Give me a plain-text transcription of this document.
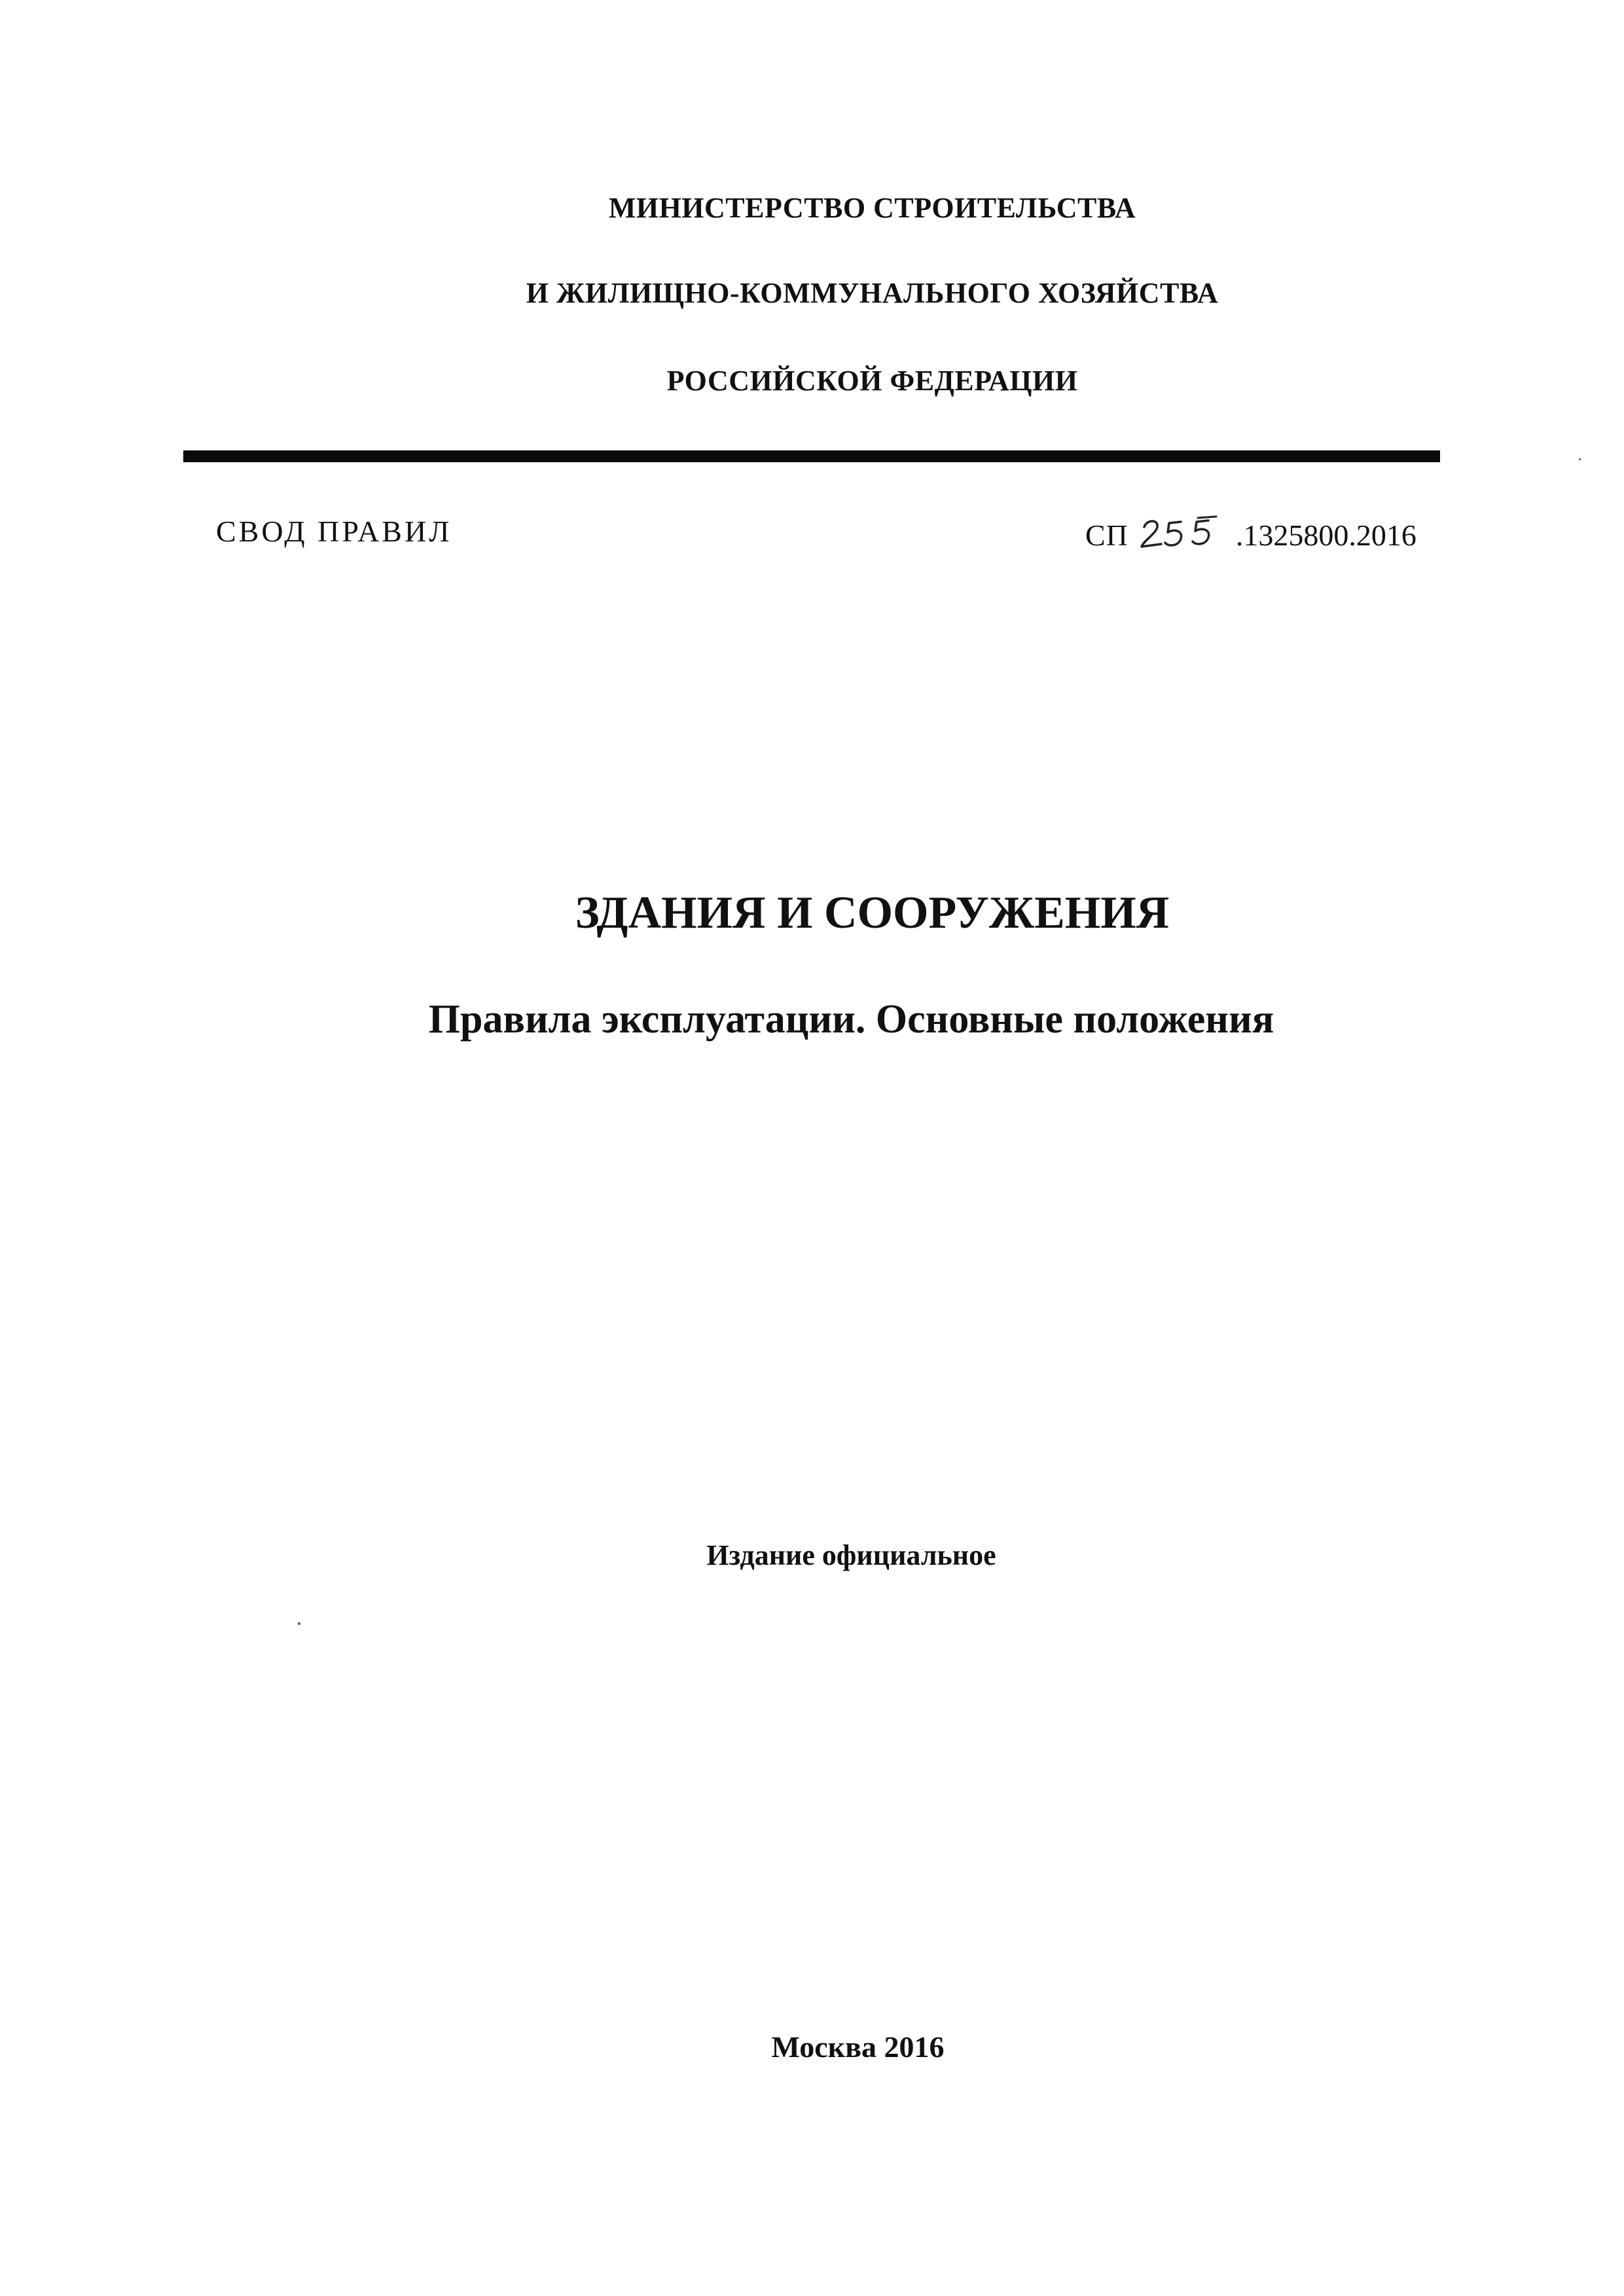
МИНИСТЕРСТВО СТРОИТЕЛЬСТВА
И ЖИЛИЩНО-КОММУНАЛЬНОГО ХОЗЯЙСТВА
РОССИЙСКОЙ ФЕДЕРАЦИИ
СВОД ПРАВИЛ	СП	.1325800.2016
ЗДАНИЯ И СООРУЖЕНИЯ
Правила эксплуатации. Основные положения
Издание официальное
Москва 2016
